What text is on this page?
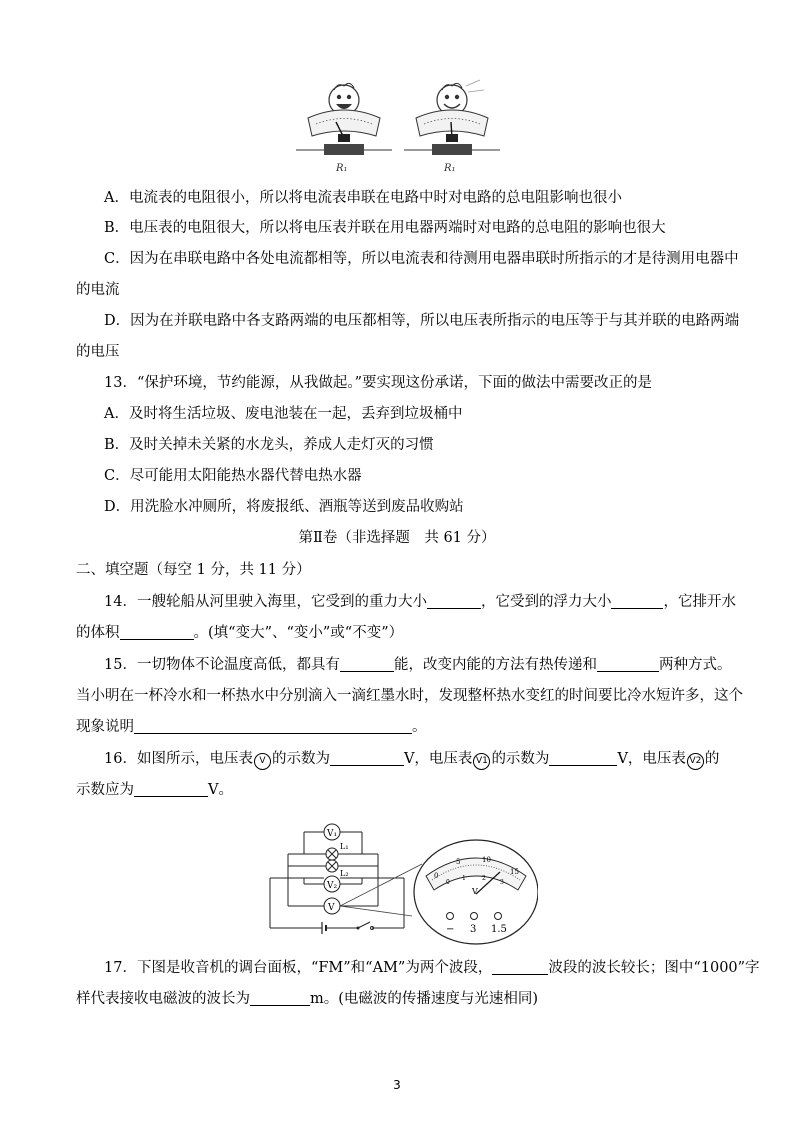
R₁	R₁
A．电流表的电阻很小，所以将电流表串联在电路中时对电路的总电阻影响也很小
B．电压表的电阻很大，所以将电压表并联在用电器两端时对电路的总电阻的影响也很大
C．因为在串联电路中各处电流都相等，所以电流表和待测用电器串联时所指示的才是待测用电器中
的电流
D．因为在并联电路中各支路两端的电压都相等，所以电压表所指示的电压等于与其并联的电路两端
的电压
13．“保护环境，节约能源，从我做起。”要实现这份承诺，下面的做法中需要改正的是
A．及时将生活垃圾、废电池装在一起，丢弃到垃圾桶中
B．及时关掉未关紧的水龙头，养成人走灯灭的习惯
C．尽可能用太阳能热水器代替电热水器
D．用洗脸水冲厕所，将废报纸、酒瓶等送到废品收购站
第Ⅱ卷（非选择题　共 61 分）
二、填空题（每空 1 分，共 11 分）
14．一艘轮船从河里驶入海里，它受到的重力大小	，它受到的浮力大小	，它排开水
的体积	。(填“变大”、“变小”或“不变”）
15．一切物体不论温度高低，都具有	能，改变内能的方法有热传递和	两种方式。
当小明在一杯冷水和一杯热水中分别滴入一滴红墨水时，发现整杯热水变红的时间要比冷水短许多，这个
现象说明	。
16．如图所示，电压表 V 的示数为	V，电压表 V1 的示数为	V，电压表 V2 的
示数应为	V。
V₁
L₁
L₂
V₂
V
0
5	10
15
0
1	2
3
V
− 3 1.5
17．下图是收音机的调台面板，“FM”和“AM”为两个波段，	波段的波长较长；图中“1000”字
样代表接收电磁波的波长为	m。(电磁波的传播速度与光速相同)
3
